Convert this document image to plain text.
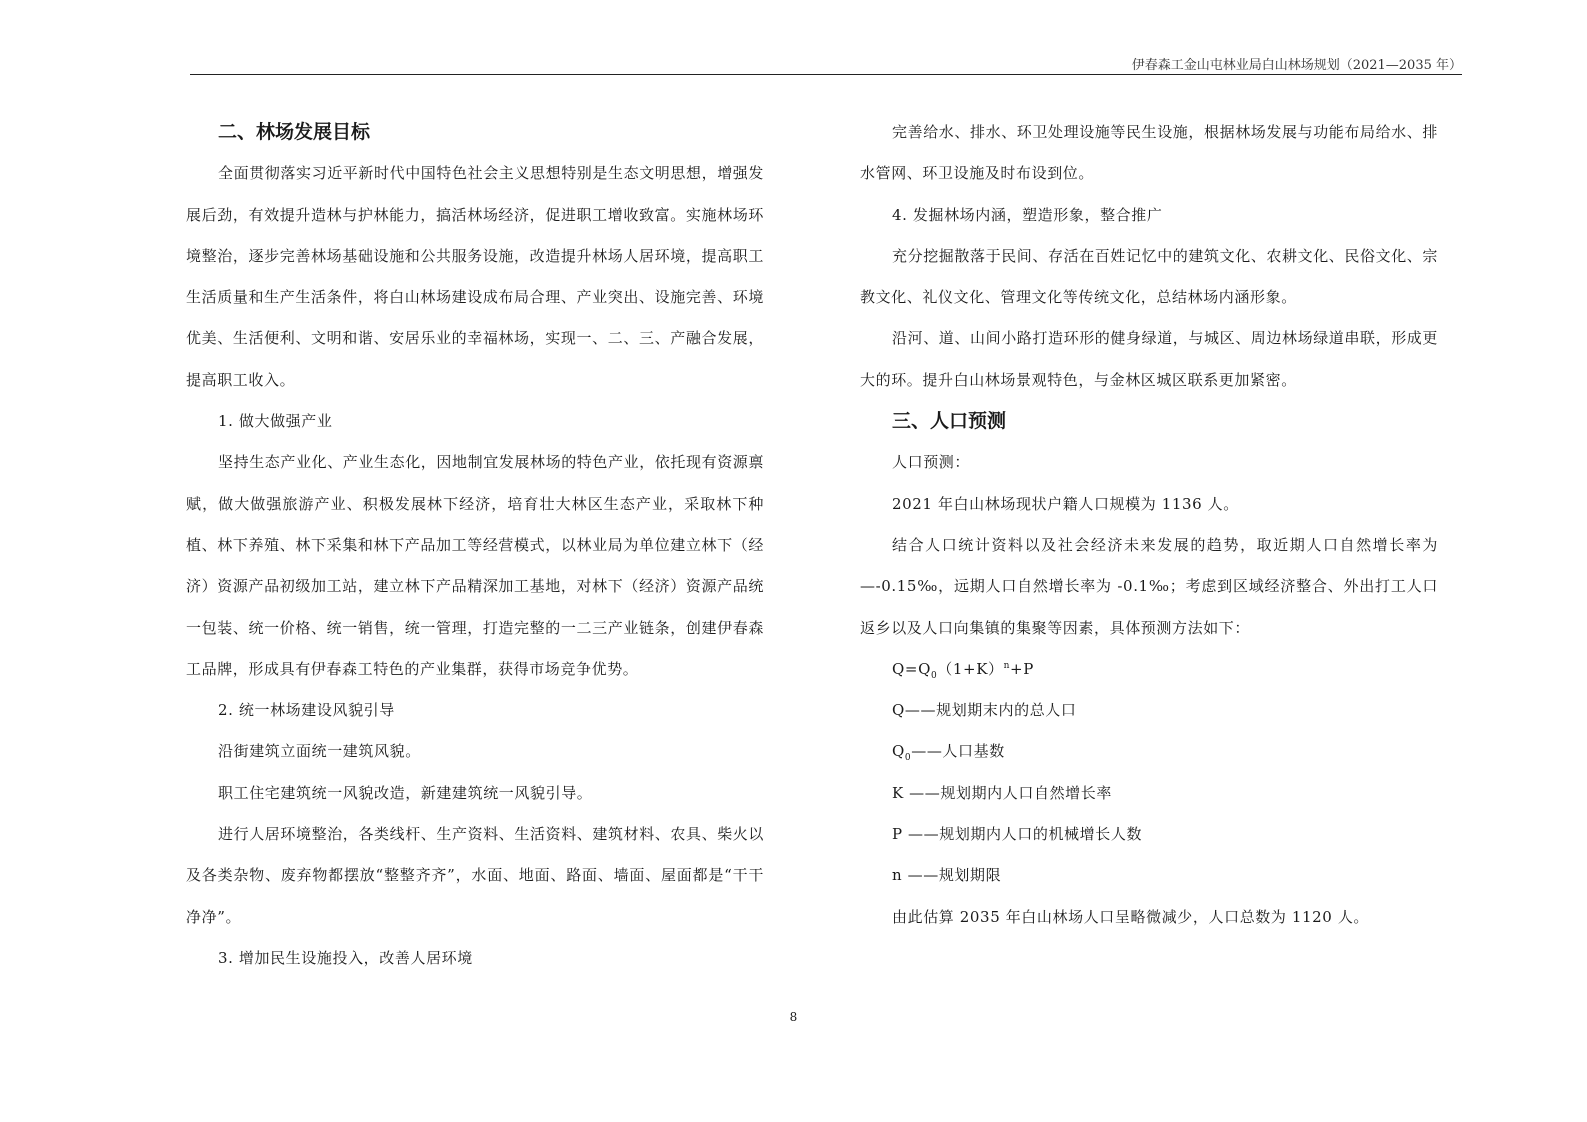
伊春森工金山屯林业局白山林场规划（2021—2035 年）
二、林场发展目标

全面贯彻落实习近平新时代中国特色社会主义思想特别是生态文明思想，增强发展后劲，有效提升造林与护林能力，搞活林场经济，促进职工增收致富。实施林场环境整治，逐步完善林场基础设施和公共服务设施，改造提升林场人居环境，提高职工生活质量和生产生活条件，将白山林场建设成布局合理、产业突出、设施完善、环境优美、生活便利、文明和谐、安居乐业的幸福林场，实现一、二、三、产融合发展，提高职工收入。

1. 做大做强产业

坚持生态产业化、产业生态化，因地制宜发展林场的特色产业，依托现有资源禀赋，做大做强旅游产业、积极发展林下经济，培育壮大林区生态产业，采取林下种植、林下养殖、林下采集和林下产品加工等经营模式，以林业局为单位建立林下（经济）资源产品初级加工站，建立林下产品精深加工基地，对林下（经济）资源产品统一包装、统一价格、统一销售，统一管理，打造完整的一二三产业链条，创建伊春森工品牌，形成具有伊春森工特色的产业集群，获得市场竞争优势。

2. 统一林场建设风貌引导

沿街建筑立面统一建筑风貌。

职工住宅建筑统一风貌改造，新建建筑统一风貌引导。

进行人居环境整治，各类线杆、生产资料、生活资料、建筑材料、农具、柴火以及各类杂物、废弃物都摆放“整整齐齐”，水面、地面、路面、墙面、屋面都是“干干净净”。

3. 增加民生设施投入，改善人居环境

完善给水、排水、环卫处理设施等民生设施，根据林场发展与功能布局给水、排水管网、环卫设施及时布设到位。

4. 发掘林场内涵，塑造形象，整合推广

充分挖掘散落于民间、存活在百姓记忆中的建筑文化、农耕文化、民俗文化、宗教文化、礼仪文化、管理文化等传统文化，总结林场内涵形象。

沿河、道、山间小路打造环形的健身绿道，与城区、周边林场绿道串联，形成更大的环。提升白山林场景观特色，与金林区城区联系更加紧密。

三、人口预测

人口预测：

2021 年白山林场现状户籍人口规模为 1136 人。

结合人口统计资料以及社会经济未来发展的趋势，取近期人口自然增长率为 —-0.15‰，远期人口自然增长率为 -0.1‰；考虑到区域经济整合、外出打工人口返乡以及人口向集镇的集聚等因素，具体预测方法如下：

$Q=Q_0(1+K)^n+P$

Q——规划期末内的总人口

$Q_0——$人口基数

K ——规划期内人口自然增长率

P ——规划期内人口的机械增长人数

n ——规划期限

由此估算 2035 年白山林场人口呈略微减少，人口总数为 1120 人。

8
